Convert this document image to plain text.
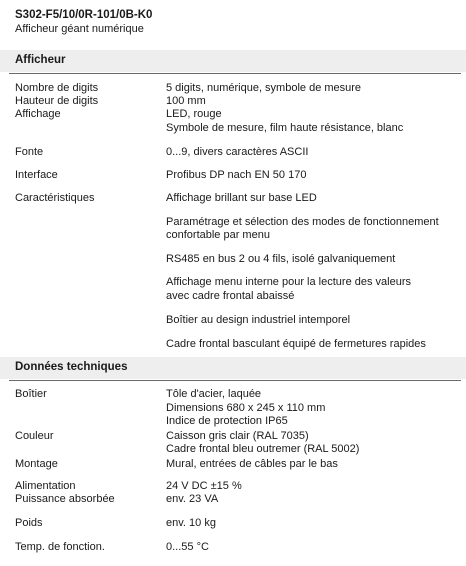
S302-F5/10/0R-101/0B-K0
Afficheur géant numérique
Afficheur
Nombre de digits	5 digits, numérique, symbole de mesure
Hauteur de digits	100 mm
Affichage	LED, rouge
Symbole de mesure, film haute résistance, blanc
Fonte	0...9, divers caractères ASCII
Interface	Profibus DP nach EN 50 170
Caractéristiques	Affichage brillant sur base LED
Paramétrage et sélection des modes de fonctionnement
confortable par menu
RS485 en bus 2 ou 4 fils, isolé galvaniquement
Affichage menu interne pour la lecture des valeurs
avec cadre frontal abaissé
Boîtier au design industriel intemporel
Cadre frontal basculant équipé de fermetures rapides
Données techniques
Boîtier	Tôle d'acier, laquée
Dimensions 680 x 245 x 110 mm
Indice de protection IP65
Couleur	Caisson gris clair (RAL 7035)
Cadre frontal bleu outremer (RAL 5002)
Montage	Mural, entrées de câbles par le bas
Alimentation	24 V DC ±15 %
Puissance absorbée	env. 23 VA
Poids	env. 10 kg
Temp. de fonction.	0...55 °C
